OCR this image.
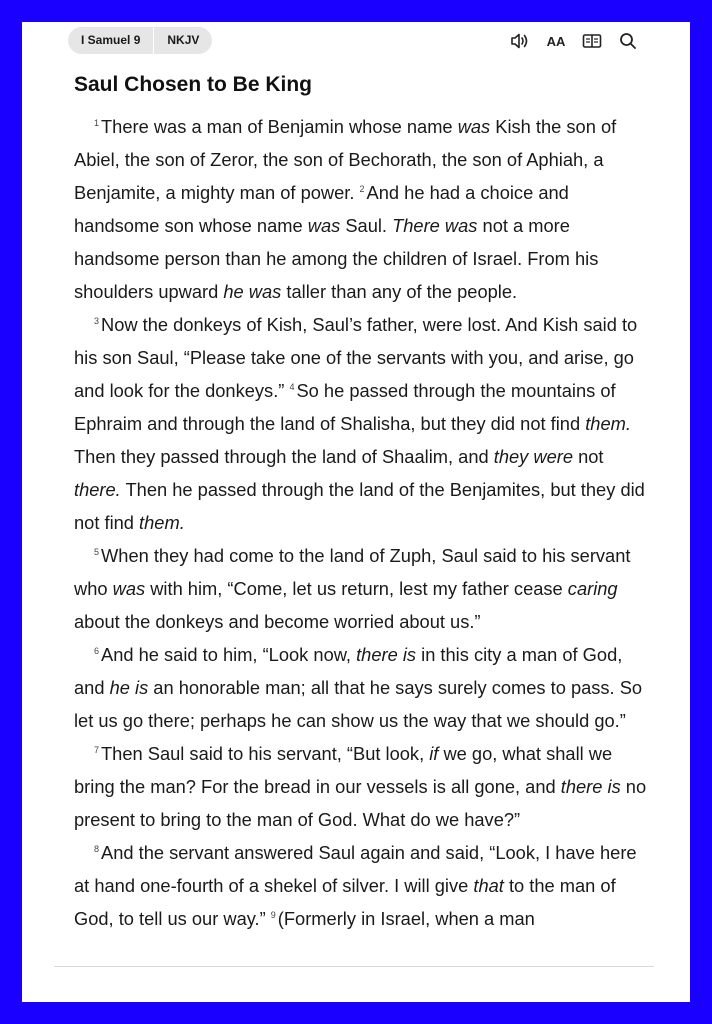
I Samuel 9	NKJV	AA
Saul Chosen to Be King

$^1$ There was a man of Benjamin whose name was Kish the son of Abiel, the son of Zeror, the son of Bechorath, the son of Aphiah, a Benjamite, a mighty man of power. $^2$ And he had a choice and handsome son whose name was Saul. There was not a more handsome person than he among the children of Israel. From his shoulders upward he was taller than any of the people.

$^3$ Now the donkeys of Kish, Saul’s father, were lost. And Kish said to his son Saul, “Please take one of the servants with you, and arise, go and look for the donkeys.” $^4$ So he passed through the mountains of Ephraim and through the land of Shalisha, but they did not find them. Then they passed through the land of Shaalim, and they were not there. Then he passed through the land of the Benjamites, but they did not find them.

$^5$ When they had come to the land of Zuph, Saul said to his servant who was with him, “Come, let us return, lest my father cease caring about the donkeys and become worried about us.”

$^6$ And he said to him, “Look now, there is in this city a man of God, and he is an honorable man; all that he says surely comes to pass. So let us go there; perhaps he can show us the way that we should go.”

$^7$ Then Saul said to his servant, “But look, if we go, what shall we bring the man? For the bread in our vessels is all gone, and there is no present to bring to the man of God. What do we have?”

$^8$ And the servant answered Saul again and said, “Look, I have here at hand one-fourth of a shekel of silver. I will give that to the man of God, to tell us our way.” $^9$ (Formerly in Israel, when a man
